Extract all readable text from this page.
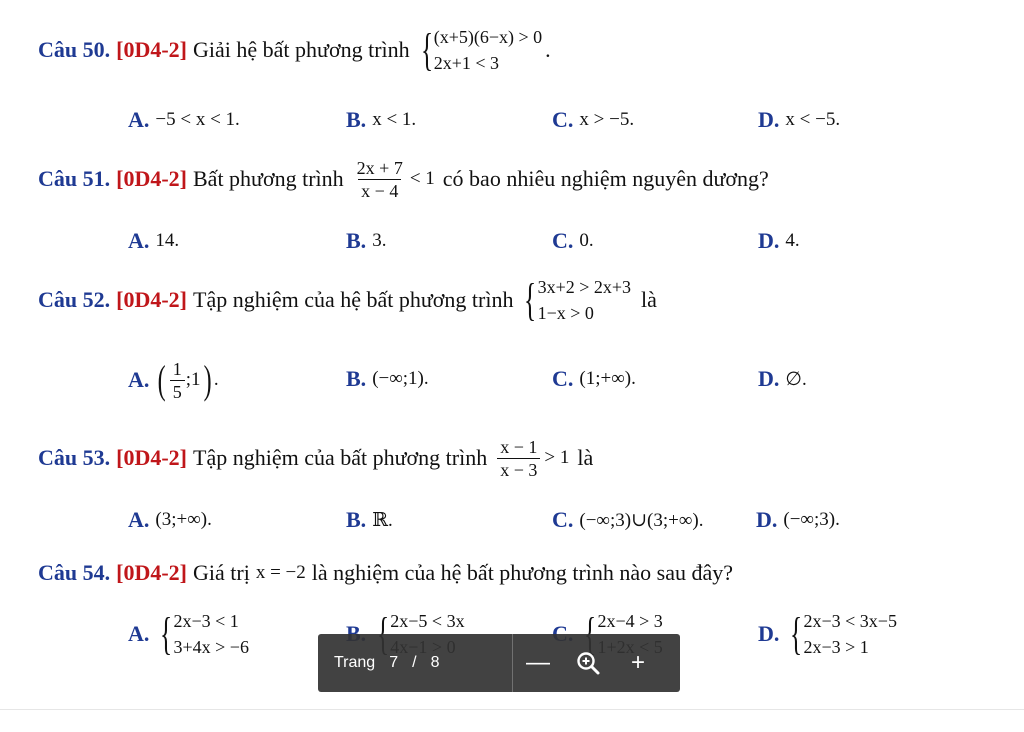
Câu 50. [0D4-2] Giải hệ bất phương trình { (x+5)(6−x) > 0
2x+1 < 3
.
A. −5 < x < 1.	B. x < 1.	C. x > −5.	D. x < −5.
Câu 51. [0D4-2] Bất phương trình $\frac{2x + 7}{x - 4} < 1$ có bao nhiêu nghiệm nguyên dương?
A. 14.	B. 3.	C. 0.	D. 4.
Câu 52. [0D4-2] Tập nghiệm của hệ bất phương trình { 3x+2 > 2x+3
1−x > 0
là
A. ( $\frac{1}{5}$ ;1 ) .	B. (−∞;1).	C. (1;+∞).	D. ∅.
Câu 53. [0D4-2] Tập nghiệm của bất phương trình $\frac{x - 1}{x - 3} > 1$ là
A. (3;+∞).	B. ℝ.	C. (−∞;3)∪(3;+∞). D. (−∞;3).
Câu 54. [0D4-2] Giá trị x = −2 là nghiệm của hệ bất phương trình nào sau đây?
A. { 2x−3 < 1
3+4x > −6
2x−5 < 3x	2x−4 > 3	D. { 2x−3 < 3x−5
2x−3 > 1
Trang 7 / 8	—	+
